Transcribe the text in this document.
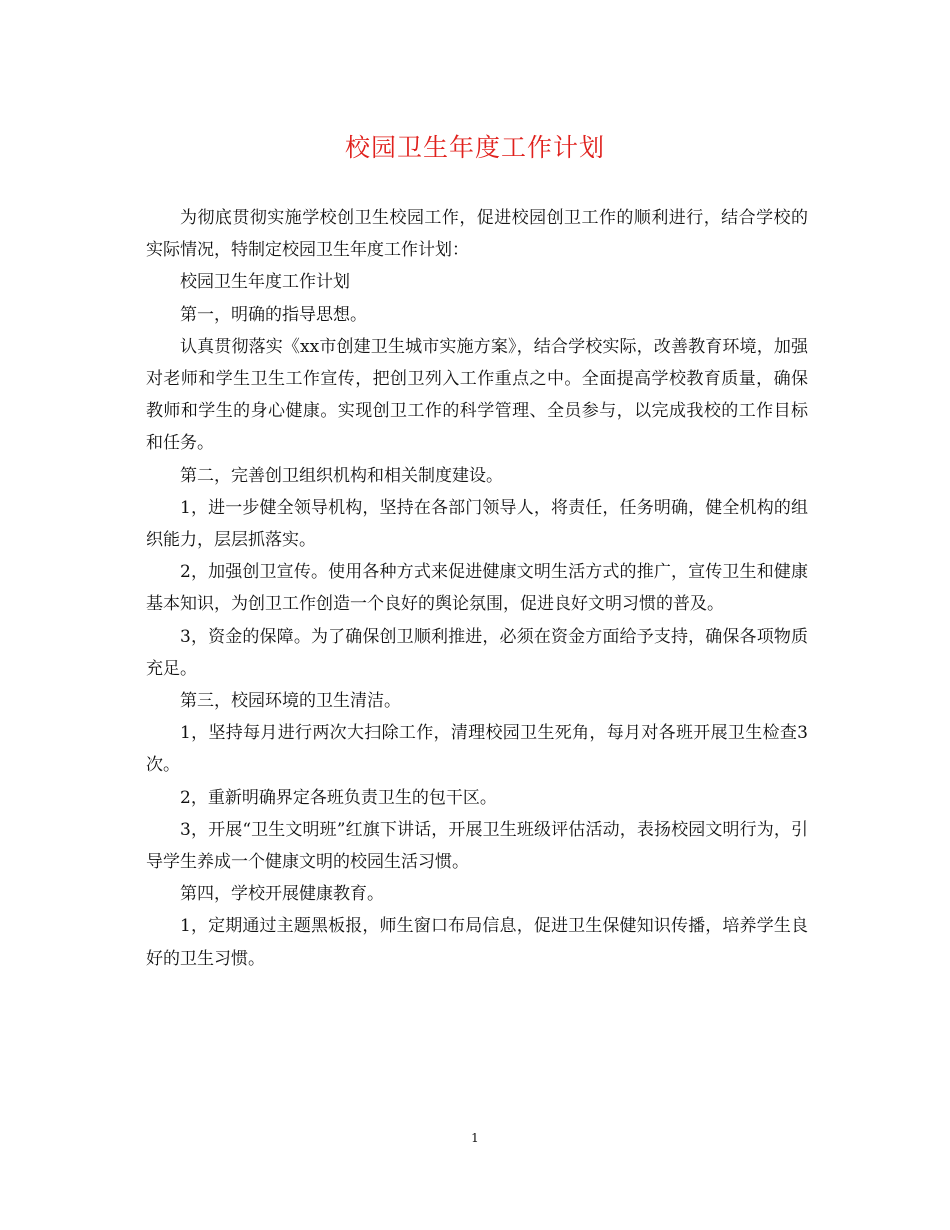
校园卫生年度工作计划

为彻底贯彻实施学校创卫生校园工作，促进校园创卫工作的顺利进行，结合学校的实际情况，特制定校园卫生年度工作计划：

校园卫生年度工作计划

第一，明确的指导思想。

认真贯彻落实《xx市创建卫生城市实施方案》，结合学校实际，改善教育环境，加强对老师和学生卫生工作宣传，把创卫列入工作重点之中。全面提高学校教育质量，确保教师和学生的身心健康。实现创卫工作的科学管理、全员参与，以完成我校的工作目标和任务。

第二，完善创卫组织机构和相关制度建设。

1，进一步健全领导机构，坚持在各部门领导人，将责任，任务明确，健全机构的组织能力，层层抓落实。

2，加强创卫宣传。使用各种方式来促进健康文明生活方式的推广，宣传卫生和健康基本知识，为创卫工作创造一个良好的舆论氛围，促进良好文明习惯的普及。

3，资金的保障。为了确保创卫顺利推进，必须在资金方面给予支持，确保各项物质充足。

第三，校园环境的卫生清洁。

1，坚持每月进行两次大扫除工作，清理校园卫生死角，每月对各班开展卫生检查3次。

2，重新明确界定各班负责卫生的包干区。

3，开展“卫生文明班”红旗下讲话，开展卫生班级评估活动，表扬校园文明行为，引导学生养成一个健康文明的校园生活习惯。

第四，学校开展健康教育。

1，定期通过主题黑板报，师生窗口布局信息，促进卫生保健知识传播，培养学生良好的卫生习惯。

1
